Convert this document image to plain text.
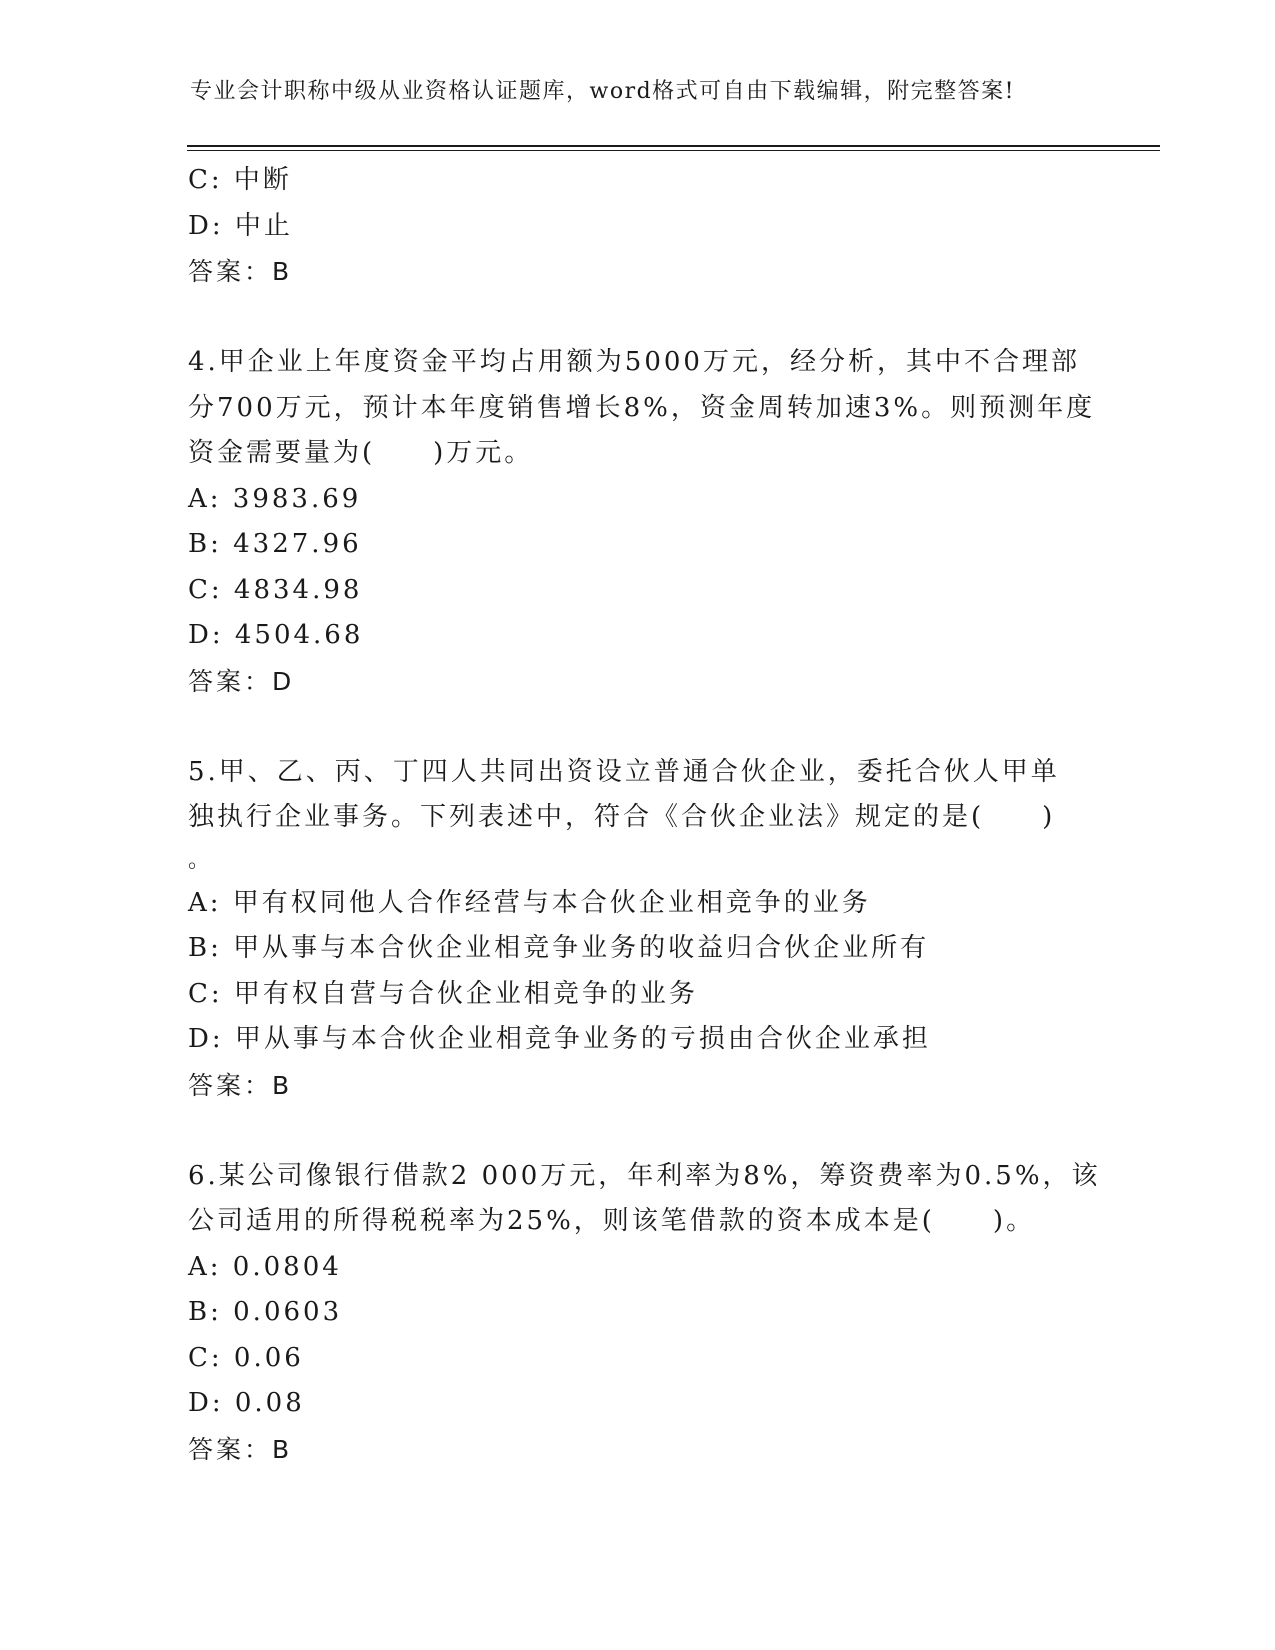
专业会计职称中级从业资格认证题库，word格式可自由下载编辑，附完整答案!
C: 中断
D: 中止
答案：B
4.甲企业上年度资金平均占用额为5000万元，经分析，其中不合理部
分700万元，预计本年度销售增长8%，资金周转加速3%。则预测年度
资金需要量为(　　)万元。
A: 3983.69
B: 4327.96
C: 4834.98
D: 4504.68
答案：D
5.甲、乙、丙、丁四人共同出资设立普通合伙企业，委托合伙人甲单
独执行企业事务。下列表述中，符合《合伙企业法》规定的是(　　)
。
A: 甲有权同他人合作经营与本合伙企业相竞争的业务
B: 甲从事与本合伙企业相竞争业务的收益归合伙企业所有
C: 甲有权自营与合伙企业相竞争的业务
D: 甲从事与本合伙企业相竞争业务的亏损由合伙企业承担
答案：B
6.某公司像银行借款2 000万元，年利率为8%，筹资费率为0.5%，该
公司适用的所得税税率为25%，则该笔借款的资本成本是(　　)。
A: 0.0804
B: 0.0603
C: 0.06
D: 0.08
答案：B
